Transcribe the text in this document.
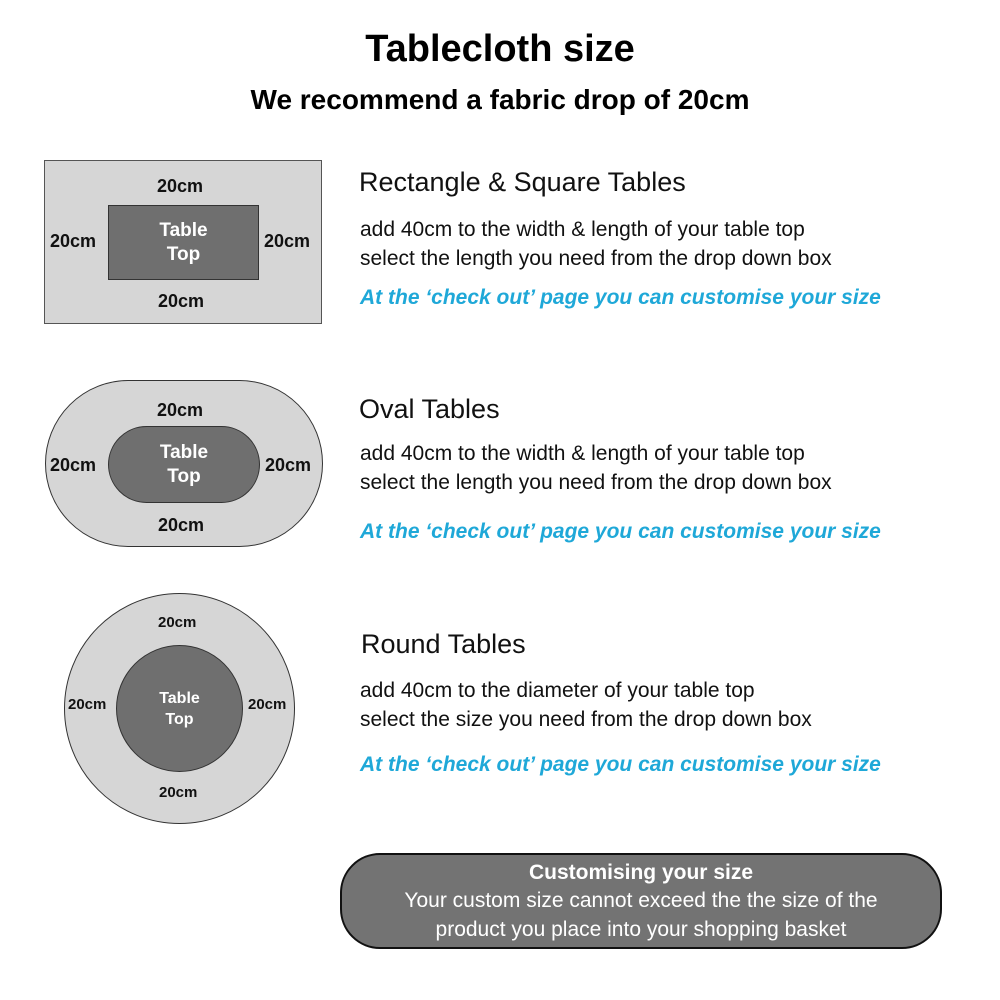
Tablecloth size
We recommend a fabric drop of 20cm
Table
Top
20cm
20cm	20cm
20cm
Table
Top
20cm
20cm	20cm
20cm
Table
Top
20cm
20cm	20cm
20cm
Rectangle & Square Tables
add 40cm to the width & length of your table top
select the length you need from the drop down box
At the ‘check out’ page you can customise your size
Oval Tables
add 40cm to the width & length of your table top
select the length you need from the drop down box
At the ‘check out’ page you can customise your size
Round Tables
add 40cm to the diameter of your table top
select the size you need from the drop down box
At the ‘check out’ page you can customise your size
Customising your size
Your custom size cannot exceed the the size of the
product you place into your shopping basket
